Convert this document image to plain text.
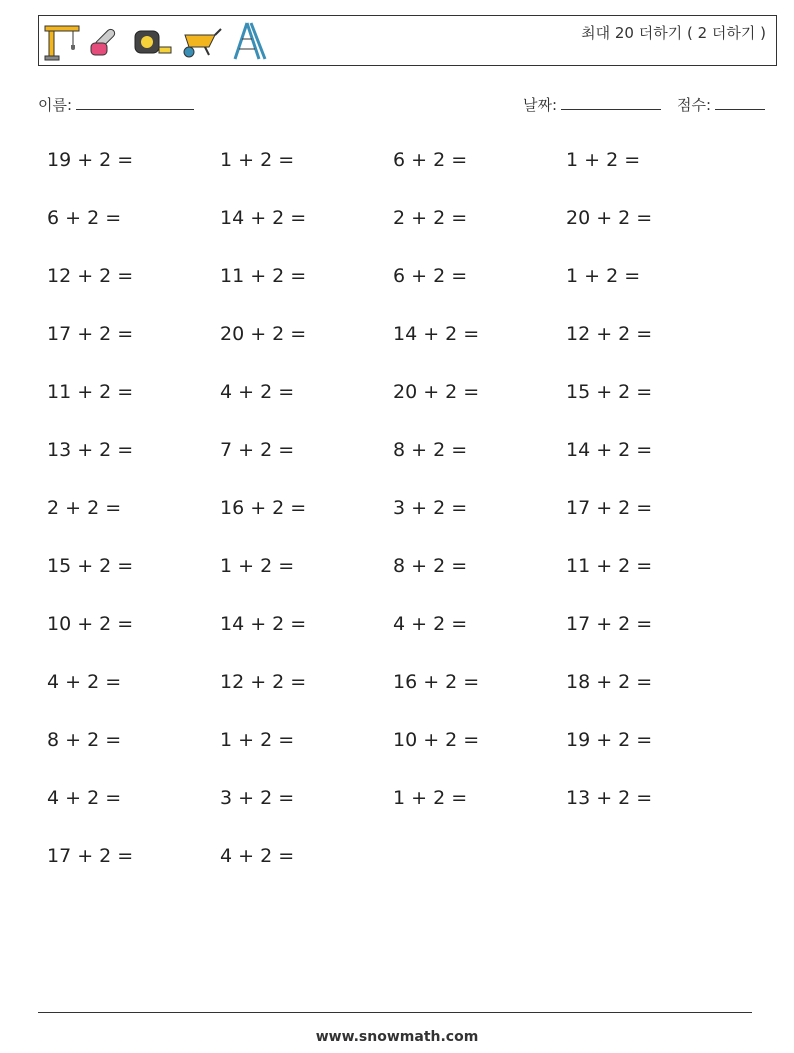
최대 20 더하기 ( 2 더하기 )
이름:	날짜:	점수:
19 + 2 =	1 + 2 =	6 + 2 =	1 + 2 =
6 + 2 =	14 + 2 =	2 + 2 =	20 + 2 =
12 + 2 =	11 + 2 =	6 + 2 =	1 + 2 =
17 + 2 =	20 + 2 =	14 + 2 =	12 + 2 =
11 + 2 =	4 + 2 =	20 + 2 =	15 + 2 =
13 + 2 =	7 + 2 =	8 + 2 =	14 + 2 =
2 + 2 =	16 + 2 =	3 + 2 =	17 + 2 =
15 + 2 =	1 + 2 =	8 + 2 =	11 + 2 =
10 + 2 =	14 + 2 =	4 + 2 =	17 + 2 =
4 + 2 =	12 + 2 =	16 + 2 =	18 + 2 =
8 + 2 =	1 + 2 =	10 + 2 =	19 + 2 =
4 + 2 =	3 + 2 =	1 + 2 =	13 + 2 =
17 + 2 =	4 + 2 =
www.snowmath.com
